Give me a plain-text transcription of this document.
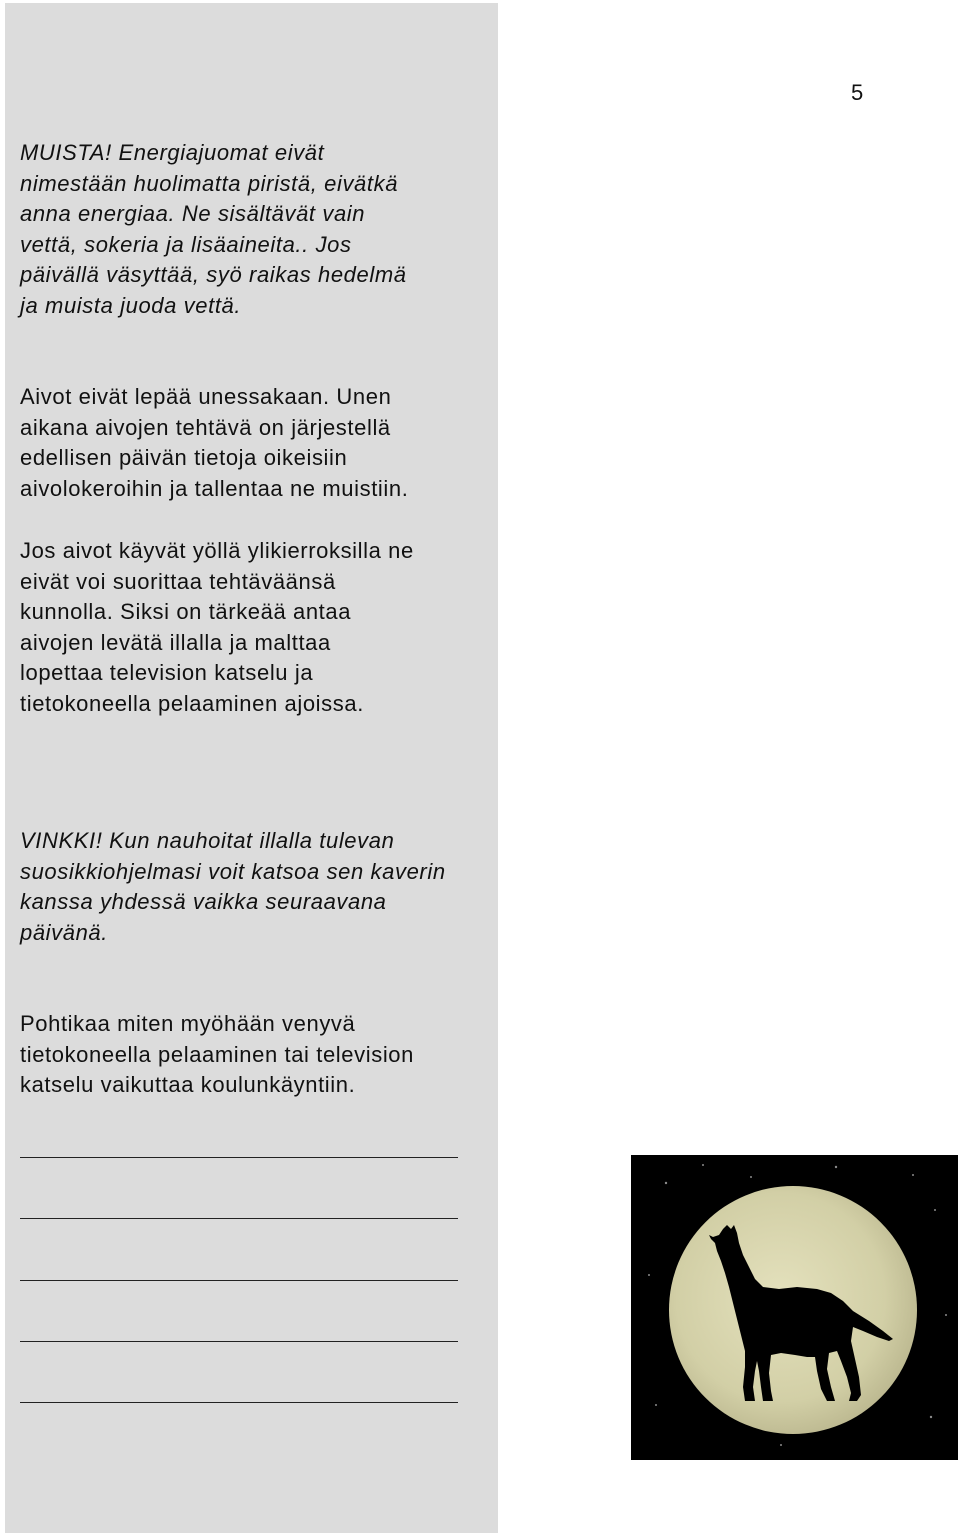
5
MUISTA! Energiajuomat eivät
nimestään huolimatta piristä, eivätkä
anna energiaa. Ne sisältävät vain
vettä, sokeria ja lisäaineita.. Jos
päivällä väsyttää, syö raikas hedelmä
ja muista juoda vettä.
Aivot eivät lepää unessakaan. Unen
aikana aivojen tehtävä on järjestellä
edellisen päivän tietoja oikeisiin
aivolokeroihin ja tallentaa ne muistiin.
Jos aivot käyvät yöllä ylikierroksilla ne
eivät voi suorittaa tehtäväänsä
kunnolla. Siksi on tärkeää antaa
aivojen levätä illalla ja malttaa
lopettaa television katselu ja
tietokoneella pelaaminen ajoissa.
VINKKI! Kun nauhoitat illalla tulevan
suosikkiohjelmasi voit katsoa sen kaverin
kanssa yhdessä vaikka seuraavana
päivänä.
Pohtikaa miten myöhään venyvä
tietokoneella pelaaminen tai television
katselu vaikuttaa koulunkäyntiin.
